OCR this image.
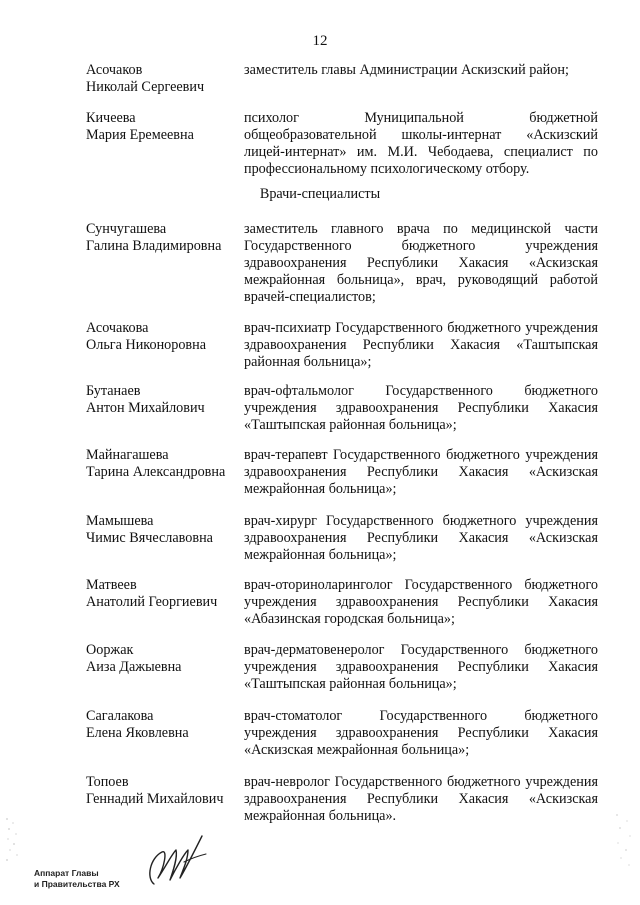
12
Асочаков
Николай Сергеевич
заместитель главы Администрации Аскизский район;
Кичеева
Мария Еремеевна
психолог Муниципальной бюджетной общеобразовательной школы-интернат «Аскизский лицей-интернат» им. М.И. Чебодаева, специалист по профессиональному психологическому отбору.
Врачи-специалисты
Сунчугашева
Галина Владимировна
заместитель главного врача по медицинской части Государственного бюджетного учреждения здравоохранения Республики Хакасия «Аскизская межрайонная больница», врач, руководящий работой врачей-специалистов;
Асочакова
Ольга Никоноровна
врач-психиатр Государственного бюджетного учреждения здравоохранения Республики Хакасия «Таштыпская районная больница»;
Бутанаев
Антон Михайлович
врач-офтальмолог Государственного бюджетного учреждения здравоохранения Республики Хакасия «Таштыпская районная больница»;
Майнагашева
Тарина Александровна
врач-терапевт Государственного бюджетного учреждения здравоохранения Республики Хакасия «Аскизская межрайонная больница»;
Мамышева
Чимис Вячеславовна
врач-хирург Государственного бюджетного учреждения здравоохранения Республики Хакасия «Аскизская межрайонная больница»;
Матвеев
Анатолий Георгиевич
врач-оториноларинголог Государственного бюджетного учреждения здравоохранения Республики Хакасия «Абазинская городская больница»;
Ооржак
Аиза Дажыевна
врач-дерматовенеролог Государственного бюджетного учреждения здравоохранения Республики Хакасия «Таштыпская районная больница»;
Сагалакова
Елена Яковлевна
врач-стоматолог Государственного бюджетного учреждения здравоохранения Республики Хакасия «Аскизская межрайонная больница»;
Топоев
Геннадий Михайлович
врач-невролог Государственного бюджетного учреждения здравоохранения Республики Хакасия «Аскизская межрайонная больница».
Аппарат Главы
и Правительства РХ
